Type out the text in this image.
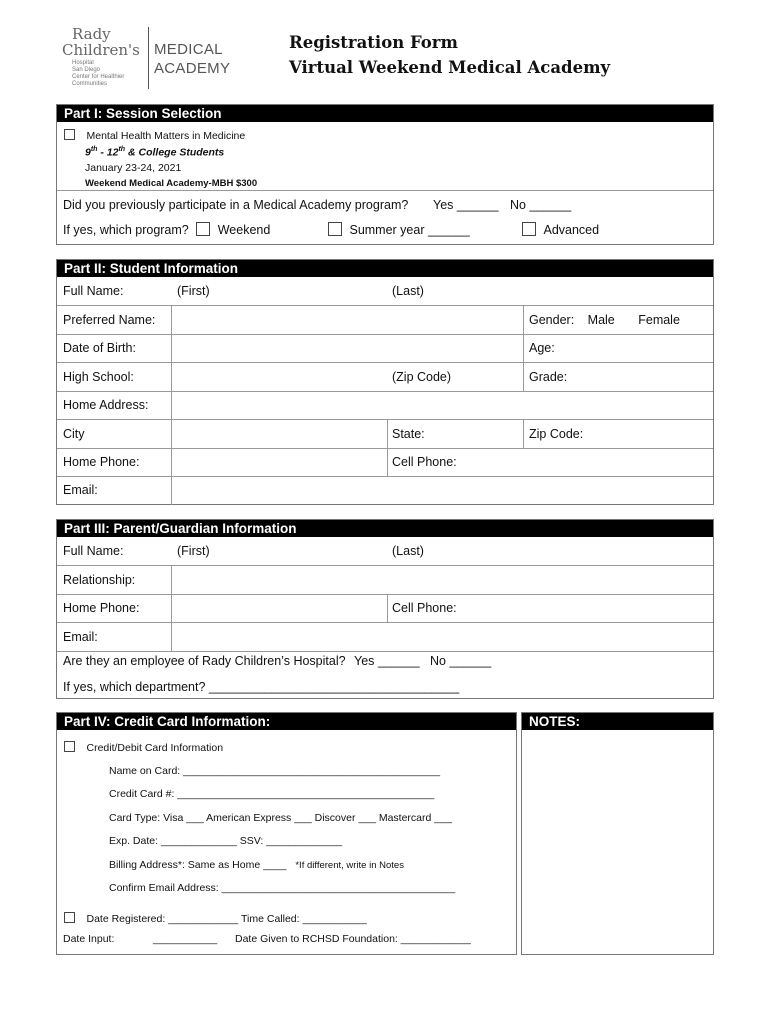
Rady
Children's
Hospital
San Diego
Center for Healthier
Communities
MEDICAL
ACADEMY
Registration Form
Virtual Weekend Medical Academy
Part I: Session Selection
Mental Health Matters in Medicine
9th - 12th & College Students
January 23-24, 2021
Weekend Medical Academy-MBH $300
Did you previously participate in a Medical Academy program? Yes ______ No ______
If yes, which program? Weekend	Summer year ______	Advanced
Part II: Student Information
Full Name:	(First)	(Last)
Preferred Name:	Gender: Male Female
Date of Birth:	Age:
High School:	(Zip Code)	Grade:
Home Address:
City	State:	Zip Code:
Home Phone:	Cell Phone:
Email:
Part III: Parent/Guardian Information
Full Name:	(First)	(Last)
Relationship:
Home Phone:	Cell Phone:
Email:
Are they an employee of Rady Children’s Hospital? Yes ______ No ______
If yes, which department? ____________________________________
Part IV: Credit Card Information:
Credit/Debit Card Information
Name on Card: ____________________________________________
Credit Card #: ____________________________________________
Card Type: Visa ___ American Express ___ Discover ___ Mastercard ___
Exp. Date: _____________ SSV: _____________
Billing Address*: Same as Home ____ *If different, write in Notes
Confirm Email Address: ________________________________________
Date Registered: ____________ Time Called: ___________
Date Input:	___________ Date Given to RCHSD Foundation: ____________
NOTES:
